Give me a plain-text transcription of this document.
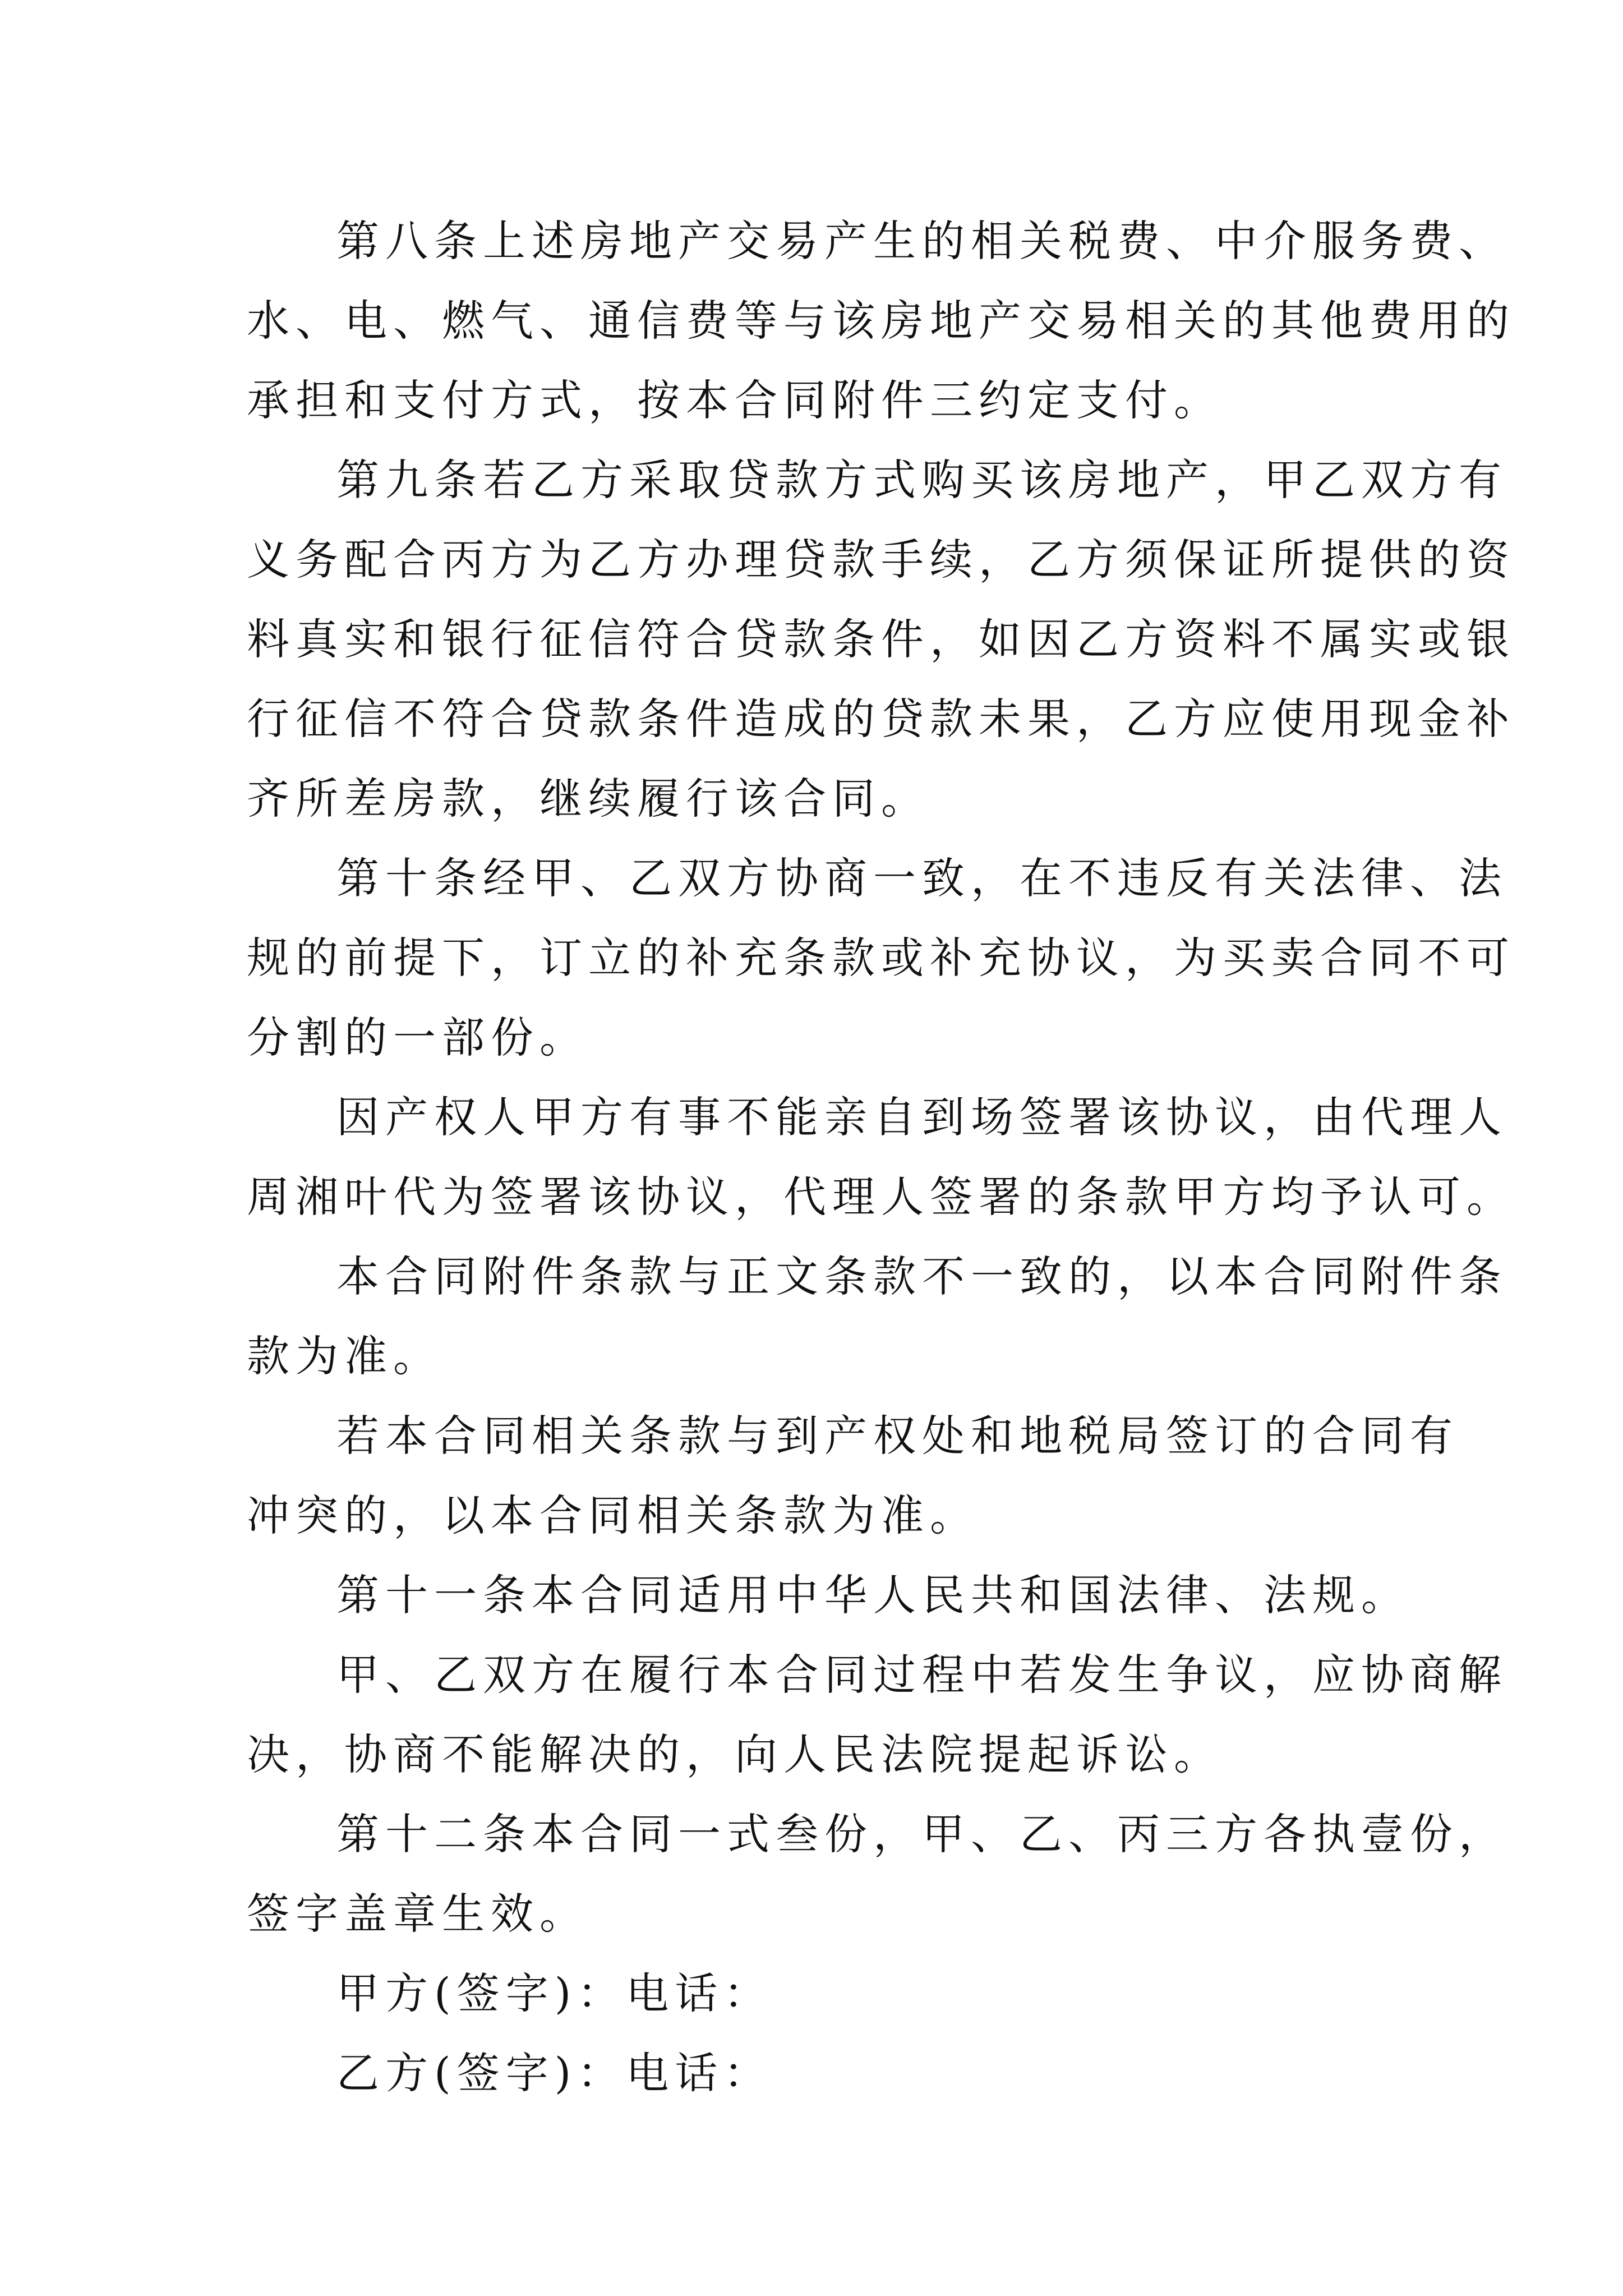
第八条上述房地产交易产生的相关税费、中介服务费、
水、电、燃气、通信费等与该房地产交易相关的其他费用的
承担和支付方式，按本合同附件三约定支付。
第九条若乙方采取贷款方式购买该房地产，甲乙双方有
义务配合丙方为乙方办理贷款手续，乙方须保证所提供的资
料真实和银行征信符合贷款条件，如因乙方资料不属实或银
行征信不符合贷款条件造成的贷款未果，乙方应使用现金补
齐所差房款，继续履行该合同。
第十条经甲、乙双方协商一致，在不违反有关法律、法
规的前提下，订立的补充条款或补充协议，为买卖合同不可
分割的一部份。
因产权人甲方有事不能亲自到场签署该协议，由代理人
周湘叶代为签署该协议，代理人签署的条款甲方均予认可。
本合同附件条款与正文条款不一致的，以本合同附件条
款为准。
若本合同相关条款与到产权处和地税局签订的合同有
冲突的，以本合同相关条款为准。
第十一条本合同适用中华人民共和国法律、法规。
甲、乙双方在履行本合同过程中若发生争议，应协商解
决，协商不能解决的，向人民法院提起诉讼。
第十二条本合同一式叁份，甲、乙、丙三方各执壹份，
签字盖章生效。
甲方(签字)：电话：
乙方(签字)：电话：
